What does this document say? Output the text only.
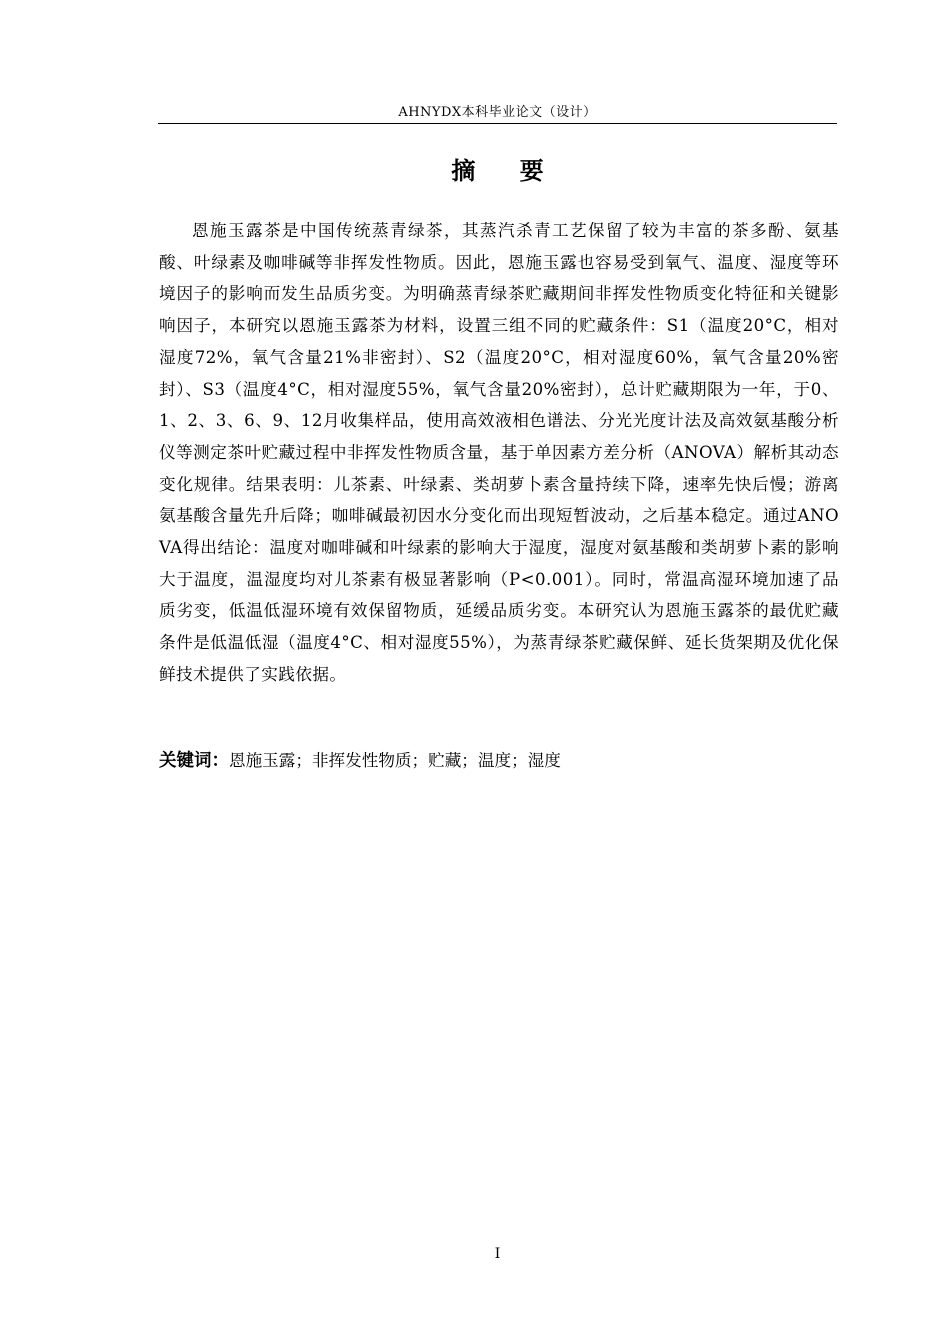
AHNYDX本科毕业论文（设计）
摘 要

恩施玉露茶是中国传统蒸青绿茶，其蒸汽杀青工艺保留了较为丰富的茶多酚、氨基酸、叶绿素及咖啡碱等非挥发性物质。因此，恩施玉露也容易受到氧气、温度、湿度等环境因子的影响而发生品质劣变。为明确蒸青绿茶贮藏期间非挥发性物质变化特征和关键影响因子，本研究以恩施玉露茶为材料，设置三组不同的贮藏条件：S1（温度20°C，相对湿度72%，氧气含量21%非密封）、S2（温度20°C，相对湿度60%，氧气含量20%密封）、S3（温度4°C，相对湿度55%，氧气含量20%密封），总计贮藏期限为一年，于0、1、2、3、6、9、12月收集样品，使用高效液相色谱法、分光光度计法及高效氨基酸分析仪等测定茶叶贮藏过程中非挥发性物质含量，基于单因素方差分析（ANOVA）解析其动态变化规律。结果表明：儿茶素、叶绿素、类胡萝卜素含量持续下降，速率先快后慢；游离氨基酸含量先升后降；咖啡碱最初因水分变化而出现短暂波动，之后基本稳定。通过ANOVA得出结论：温度对咖啡碱和叶绿素的影响大于湿度，湿度对氨基酸和类胡萝卜素的影响大于温度，温湿度均对儿茶素有极显著影响（P<0.001）。同时，常温高湿环境加速了品质劣变，低温低湿环境有效保留物质，延缓品质劣变。本研究认为恩施玉露茶的最优贮藏条件是低温低湿（温度4°C、相对湿度55%），为蒸青绿茶贮藏保鲜、延长货架期及优化保鲜技术提供了实践依据。

关键词：恩施玉露；非挥发性物质；贮藏；温度；湿度
I
